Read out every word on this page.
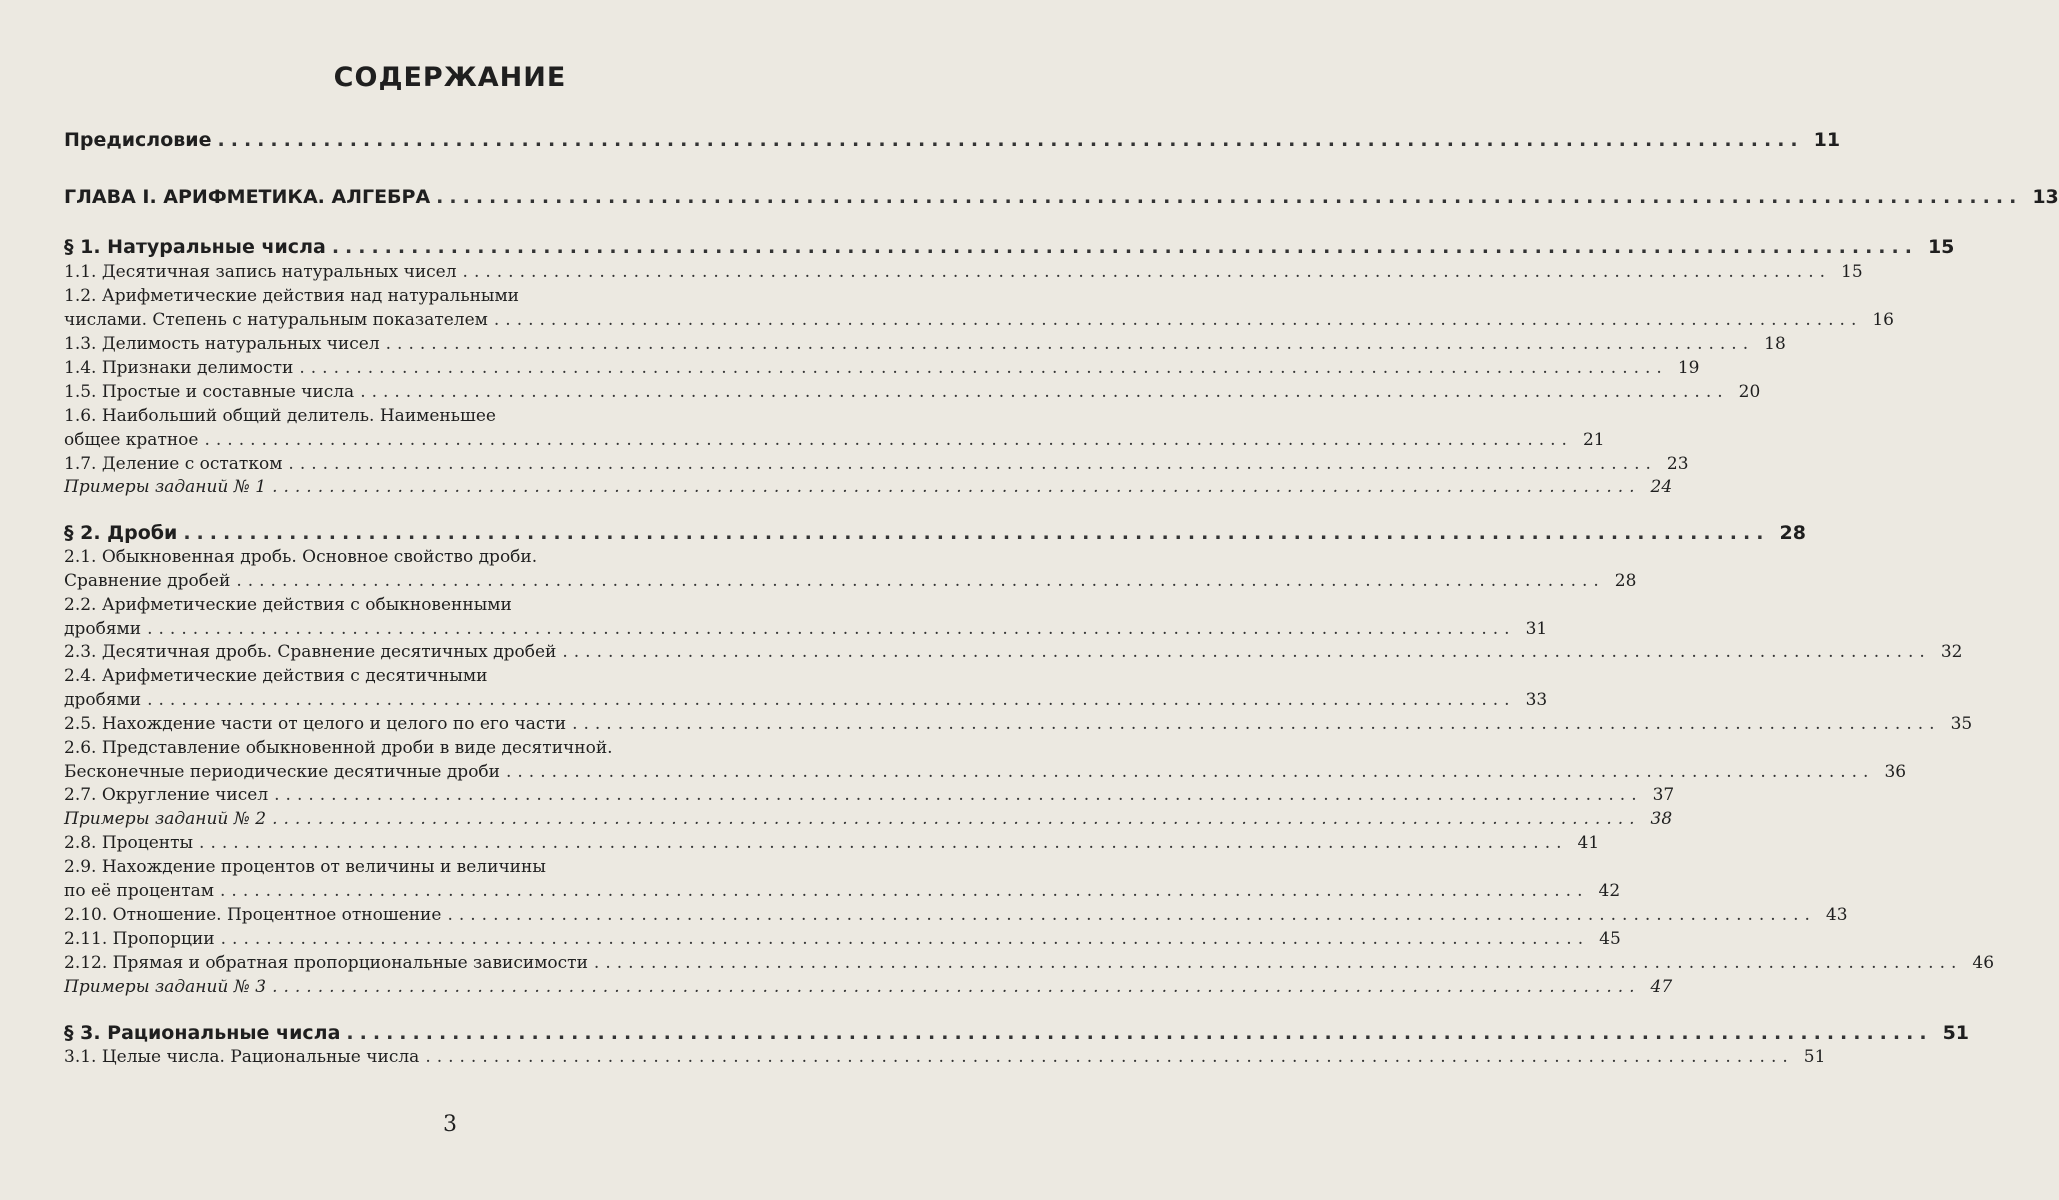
СОДЕРЖАНИЕ
Предисловие ........................................................................................................................ 11
ГЛАВА I. АРИФМЕТИКА. АЛГЕБРА ........................................................................................................................ 13
§ 1. Натуральные числа ........................................................................................................................ 15
1.1. Десятичная запись натуральных чисел ........................................................................................................................ 15
1.2. Арифметические действия над натуральными
числами. Степень с натуральным показателем ........................................................................................................................ 16
1.3. Делимость натуральных чисел ........................................................................................................................ 18
1.4. Признаки делимости ........................................................................................................................ 19
1.5. Простые и составные числа ........................................................................................................................ 20
1.6. Наибольший общий делитель. Наименьшее
общее кратное ........................................................................................................................ 21
1.7. Деление с остатком ........................................................................................................................ 23
Примеры заданий № 1 ........................................................................................................................ 24
§ 2. Дроби ........................................................................................................................ 28
2.1. Обыкновенная дробь. Основное свойство дроби.
Сравнение дробей ........................................................................................................................ 28
2.2. Арифметические действия с обыкновенными
дробями ........................................................................................................................ 31
2.3. Десятичная дробь. Сравнение десятичных дробей ........................................................................................................................ 32
2.4. Арифметические действия с десятичными
дробями ........................................................................................................................ 33
2.5. Нахождение части от целого и целого по его части ........................................................................................................................ 35
2.6. Представление обыкновенной дроби в виде десятичной.
Бесконечные периодические десятичные дроби ........................................................................................................................ 36
2.7. Округление чисел ........................................................................................................................ 37
Примеры заданий № 2 ........................................................................................................................ 38
2.8. Проценты ........................................................................................................................ 41
2.9. Нахождение процентов от величины и величины
по её процентам ........................................................................................................................ 42
2.10. Отношение. Процентное отношение ........................................................................................................................ 43
2.11. Пропорции ........................................................................................................................ 45
2.12. Прямая и обратная пропорциональные зависимости ........................................................................................................................ 46
Примеры заданий № 3 ........................................................................................................................ 47
§ 3. Рациональные числа ........................................................................................................................ 51
3.1. Целые числа. Рациональные числа ........................................................................................................................ 51
3
